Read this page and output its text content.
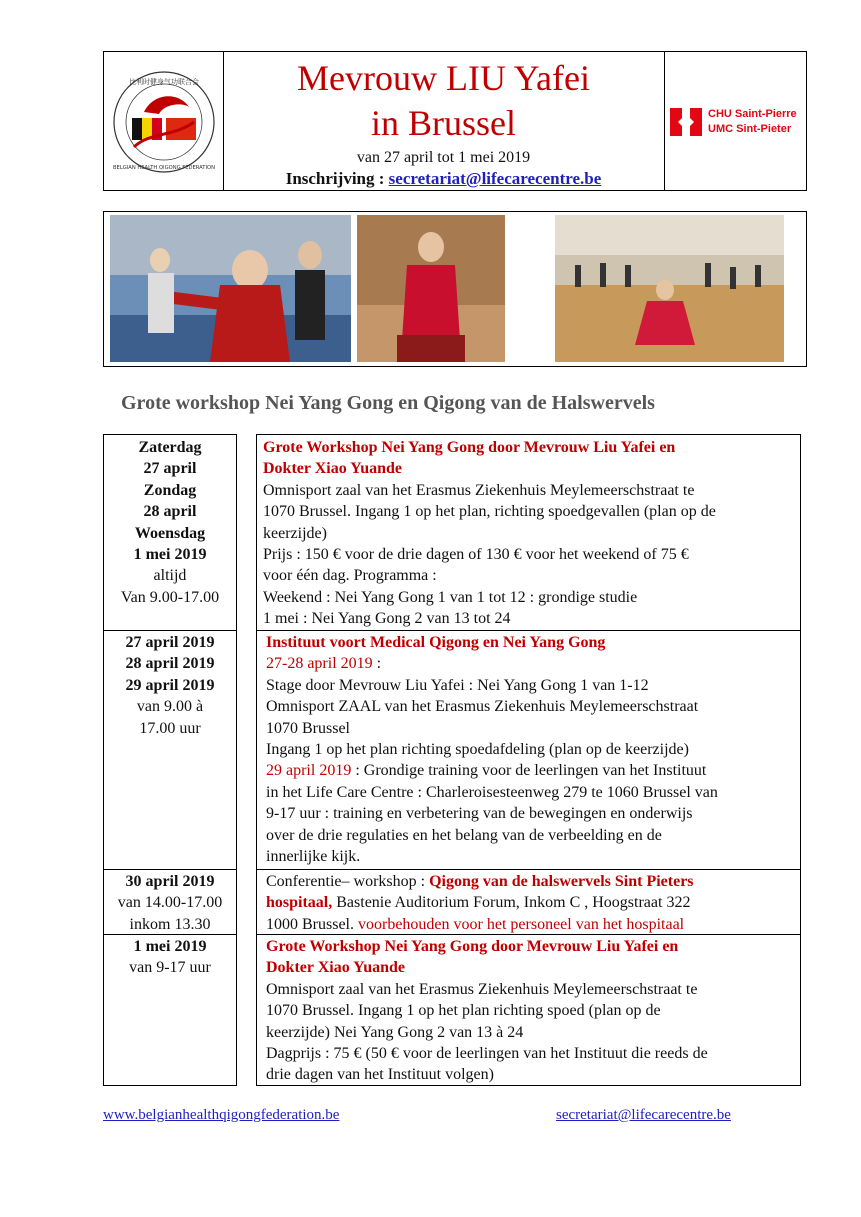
比利时健身气功联合会
BELGIAN HEALTH QIGONG FEDERATION
Mevrouw LIU Yafei
in Brussel
van 27 april tot 1 mei 2019
Inschrijving : secretariat@lifecarecentre.be
CHU Saint-Pierre
UMC Sint-Pieter
Grote workshop Nei Yang Gong en Qigong van de Halswervels
Zaterdag
27 april
Zondag
28 april
Woensdag
1 mei 2019
altijd
Van 9.00-17.00
Grote Workshop Nei Yang Gong door Mevrouw Liu Yafei en
Dokter Xiao Yuande
Omnisport zaal van het Erasmus Ziekenhuis Meylemeerschstraat te
1070 Brussel. Ingang 1 op het plan, richting spoedgevallen (plan op de
keerzijde)
Prijs : 150 € voor de drie dagen of 130 € voor het weekend of 75 €
voor één dag. Programma :
Weekend : Nei Yang Gong 1 van 1 tot 12 : grondige studie
1 mei : Nei Yang Gong 2 van 13 tot 24
27 april 2019
28 april 2019
29 april 2019
van 9.00 à
17.00 uur
Instituut voort Medical Qigong en Nei Yang Gong
27-28 april 2019 :
Stage door Mevrouw Liu Yafei : Nei Yang Gong 1 van 1-12
Omnisport ZAAL van het Erasmus Ziekenhuis Meylemeerschstraat
1070 Brussel
Ingang 1 op het plan richting spoedafdeling (plan op de keerzijde)
29 april 2019 : Grondige training voor de leerlingen van het Instituut
in het Life Care Centre : Charleroisesteenweg 279 te 1060 Brussel van
9-17 uur : training en verbetering van de bewegingen en onderwijs
over de drie regulaties en het belang van de verbeelding en de
innerlijke kijk.
30 april 2019
van 14.00-17.00
inkom 13.30
Conferentie– workshop : Qigong van de halswervels Sint Pieters
hospitaal, Bastenie Auditorium Forum, Inkom C , Hoogstraat 322
1000 Brussel. voorbehouden voor het personeel van het hospitaal
1 mei 2019
van 9-17 uur
Grote Workshop Nei Yang Gong door Mevrouw Liu Yafei en
Dokter Xiao Yuande
Omnisport zaal van het Erasmus Ziekenhuis Meylemeerschstraat te
1070 Brussel. Ingang 1 op het plan richting spoed (plan op de
keerzijde) Nei Yang Gong 2 van 13 à 24
Dagprijs : 75 € (50 € voor de leerlingen van het Instituut die reeds de
drie dagen van het Instituut volgen)
www.belgianhealthqigongfederation.be	secretariat@lifecarecentre.be
